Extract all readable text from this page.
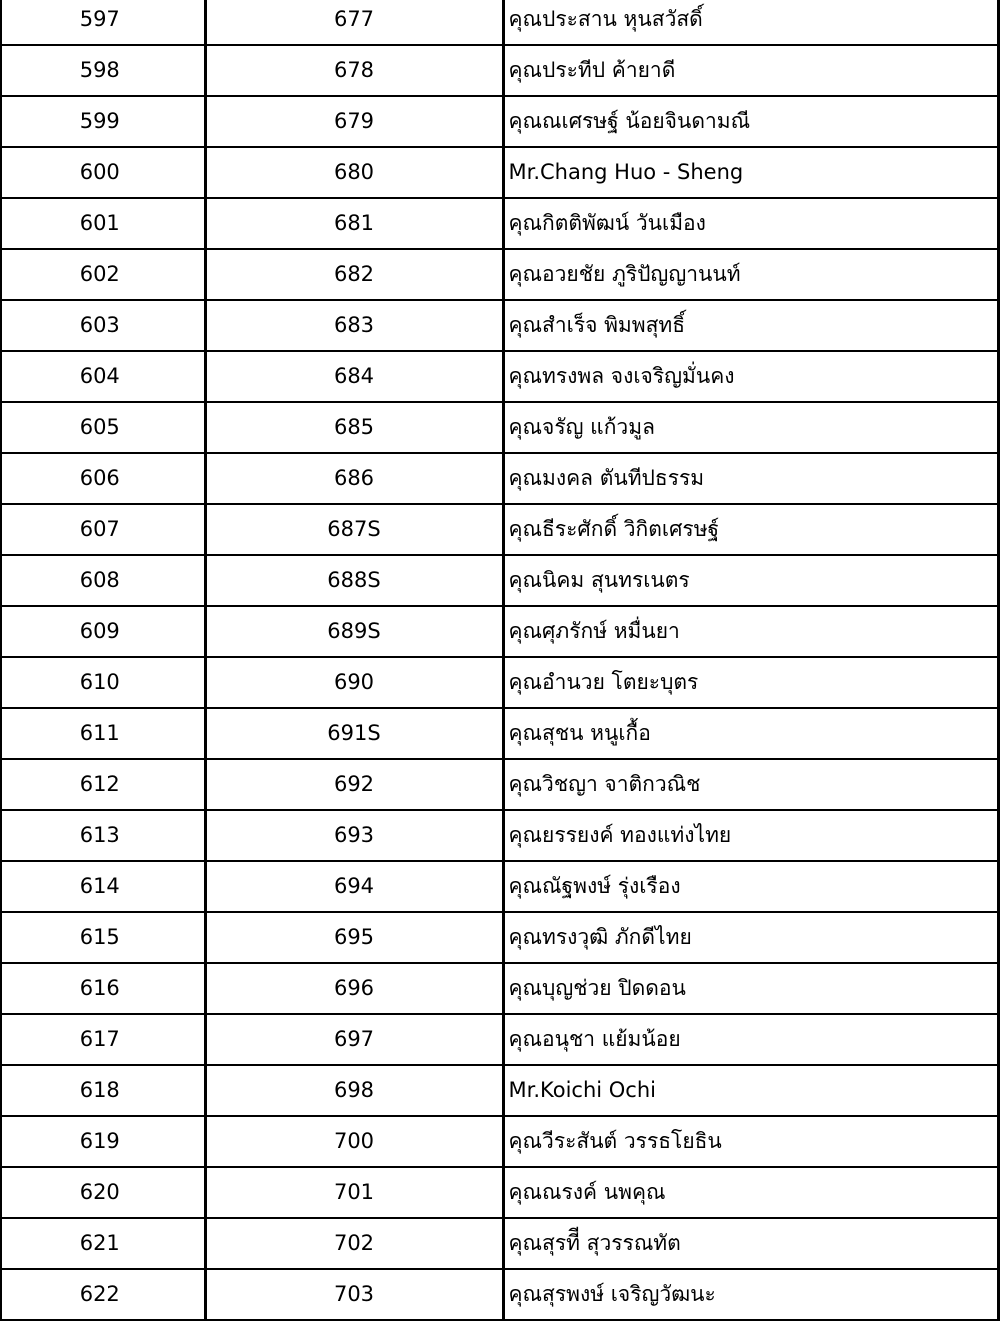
597	677	คุณประสาน หุนสวัสดิ์
598	678	คุณประทีป ค้ายาดี
599	679	คุณณเศรษฐ์ น้อยจินดามณี
600	680	Mr.Chang Huo - Sheng
601	681	คุณกิตติพัฒน์ วันเมือง
602	682	คุณอวยชัย ภูริปัญญานนท์
603	683	คุณสำเร็จ พิมพสุทธิ์
604	684	คุณทรงพล จงเจริญมั่นคง
605	685	คุณจรัญ แก้วมูล
606	686	คุณมงคล ตันทีปธรรม
607	687S	คุณธีระศักดิ์ วิกิตเศรษฐ์
608	688S	คุณนิคม สุนทรเนตร
609	689S	คุณศุภรักษ์ หมื่นยา
610	690	คุณอำนวย โตยะบุตร
611	691S	คุณสุชน หนูเกื้อ
612	692	คุณวิชญา จาติกวณิช
613	693	คุณยรรยงค์ ทองแท่งไทย
614	694	คุณณัฐพงษ์ รุ่งเรือง
615	695	คุณทรงวุฒิ ภักดีไทย
616	696	คุณบุญช่วย ปิดดอน
617	697	คุณอนุชา แย้มน้อย
618	698	Mr.Koichi Ochi
619	700	คุณวีระสันต์ วรรธโยธิน
620	701	คุณณรงค์ นพคุณ
621	702	คุณสุรทีี สุวรรณทัต
622	703	คุณสุรพงษ์ เจริญวัฒนะ
